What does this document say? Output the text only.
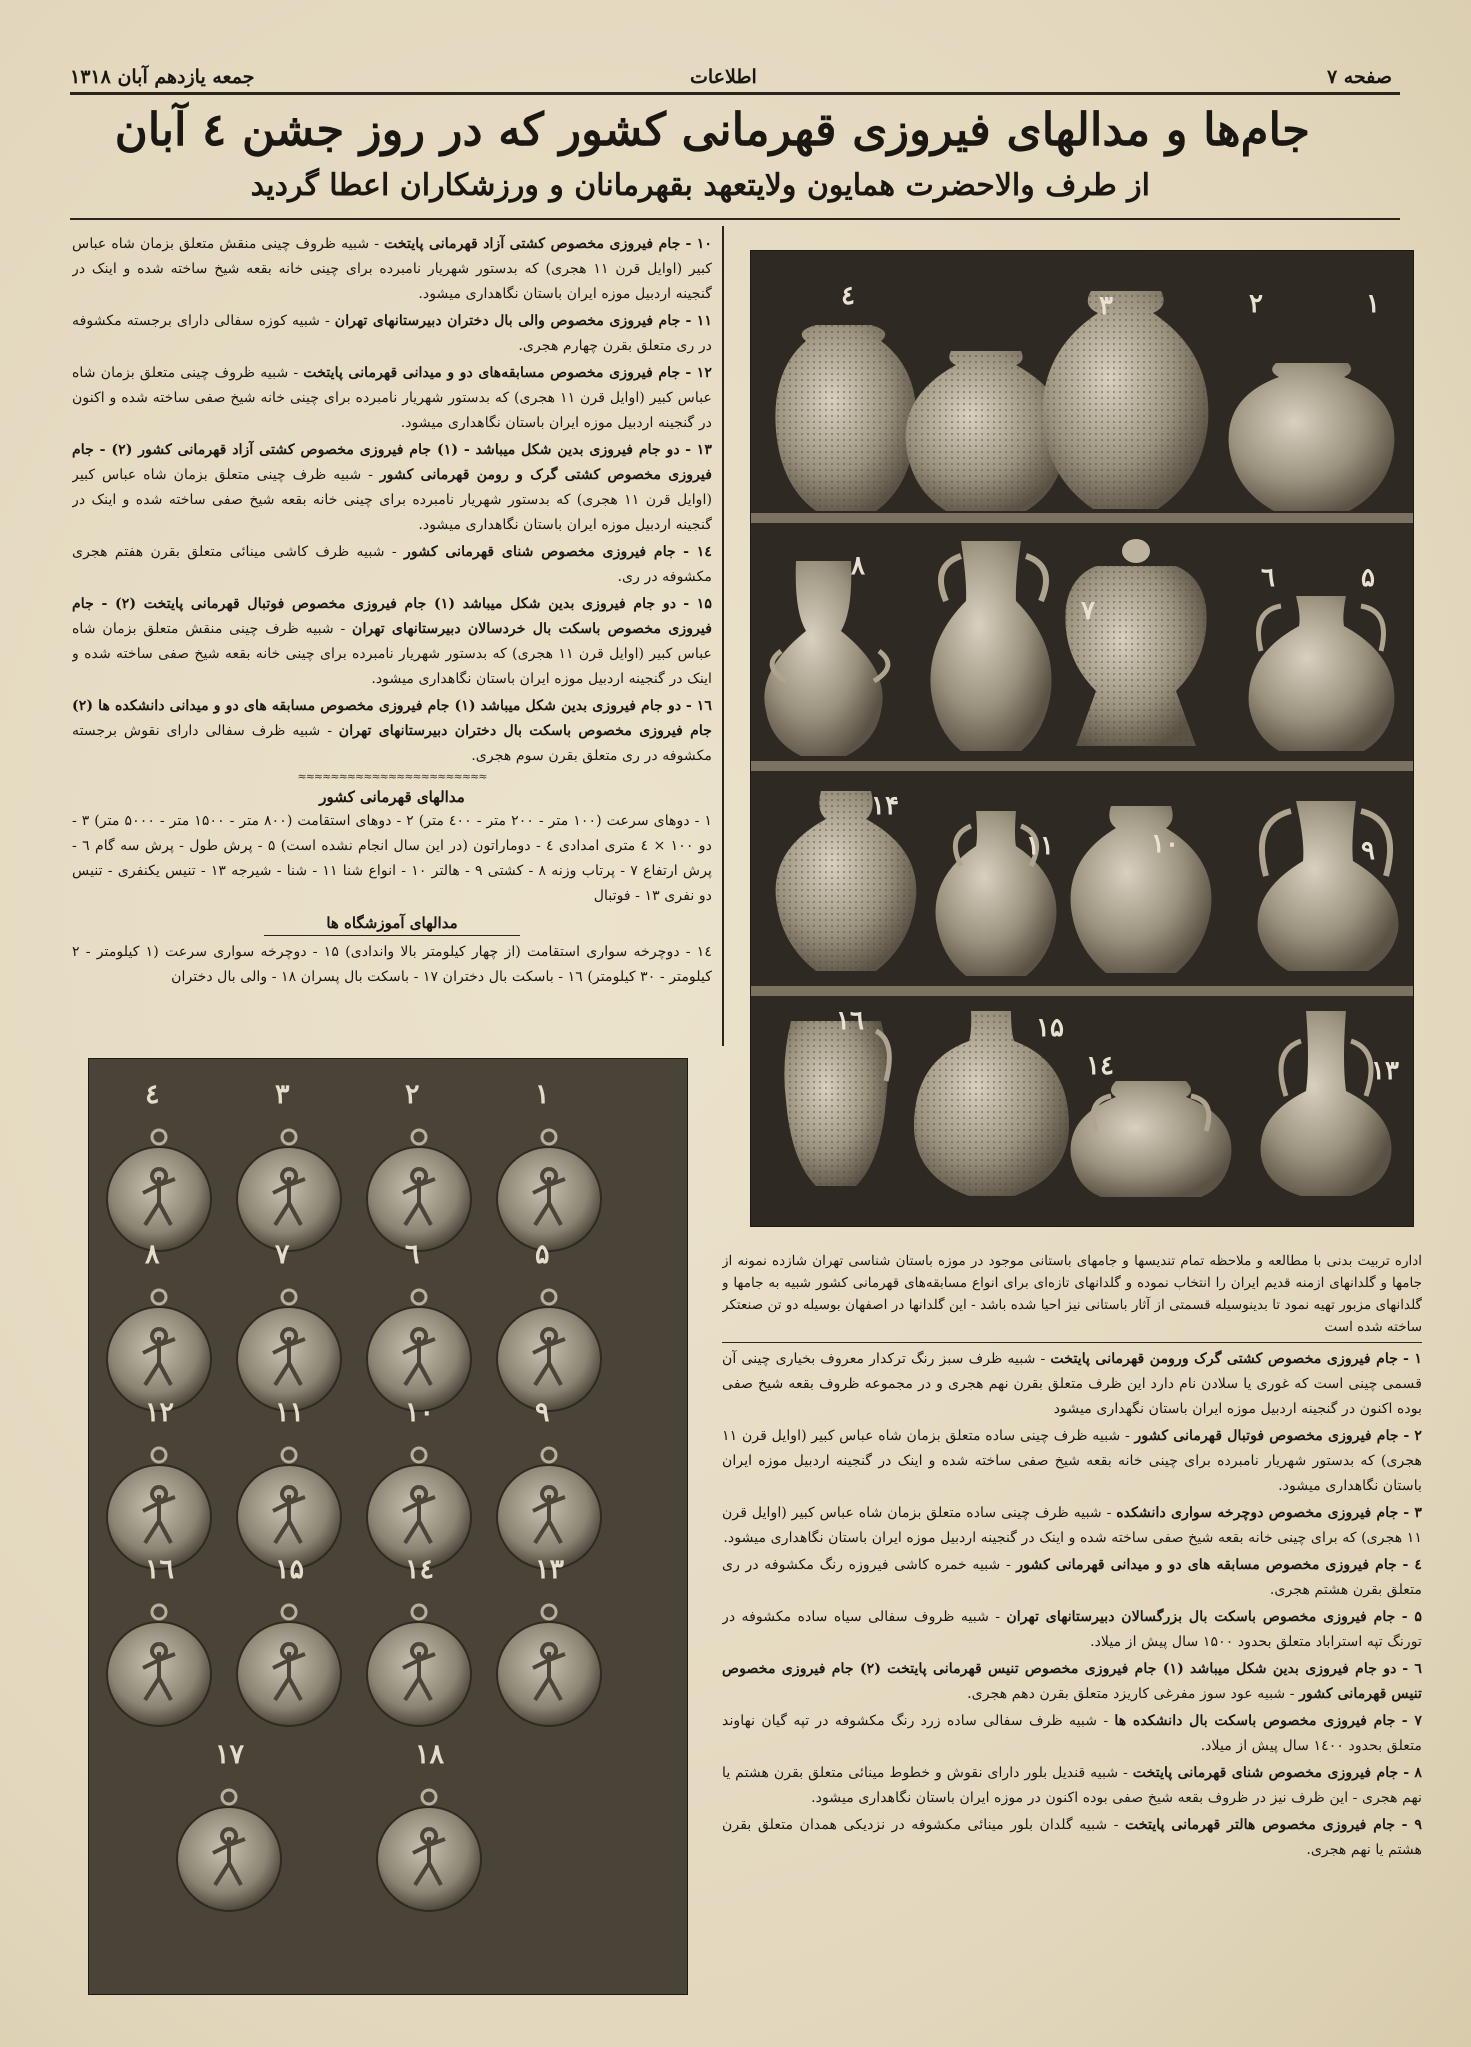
صفحه ۷
اطلاعات
جمعه یازدهم آبان ۱۳۱۸
جام‌ها و مدالهای فیروزی قهرمانی کشور که در روز جشن ٤ آبان
از طرف والاحضرت همایون ولایتعهد بقهرمانان و ورزشکاران اعطا گردید
۱۰ - جام فیروزی مخصوص کشتی آزاد قهرمانی پایتخت - شبیه ظروف چینی منقش متعلق بزمان شاه عباس کبیر (اوایل قرن ۱۱ هجری) که بدستور شهریار نامبرده برای چینی خانه بقعه شیخ ساخته شده و اینک در گنجینه اردبیل موزه ایران باستان نگاهداری میشود.
۱۱ - جام فیروزی مخصوص والی بال دختران دبیرستانهای تهران - شبیه کوزه سفالی دارای برجسته مکشوفه در ری متعلق بقرن چهارم هجری.
۱۲ - جام فیروزی مخصوص مسابقه‌های دو و میدانی قهرمانی پایتخت - شبیه ظروف چینی متعلق بزمان شاه عباس کبیر (اوایل قرن ۱۱ هجری) که بدستور شهریار نامبرده برای چینی خانه شیخ صفی ساخته شده و اکنون در گنجینه اردبیل موزه ایران باستان نگاهداری میشود.
۱۳ - دو جام فیروزی بدین شکل میباشد - (۱) جام فیروزی مخصوص کشتی آزاد قهرمانی کشور (۲) - جام فیروزی مخصوص کشتی گرک و رومن قهرمانی کشور - شبیه ظرف چینی متعلق بزمان شاه عباس کبیر (اوایل قرن ۱۱ هجری) که بدستور شهریار نامبرده برای چینی خانه بقعه شیخ صفی ساخته شده و اینک در گنجینه اردبیل موزه ایران باستان نگاهداری میشود.
۱٤ - جام فیروزی مخصوص شنای قهرمانی کشور - شبیه ظرف کاشی مینائی متعلق بقرن هفتم هجری مکشوفه در ری.
۱۵ - دو جام فیروزی بدین شکل میباشد (۱) جام فیروزی مخصوص فوتبال قهرمانی پایتخت (۲) - جام فیروزی مخصوص باسکت بال خردسالان دبیرستانهای تهران - شبیه ظرف چینی منقش متعلق بزمان شاه عباس کبیر (اوایل قرن ۱۱ هجری) که بدستور شهریار نامبرده برای چینی خانه بقعه شیخ صفی ساخته شده و اینک در گنجینه اردبیل موزه ایران باستان نگاهداری میشود.
۱٦ - دو جام فیروزی بدین شکل میباشد (۱) جام فیروزی مخصوص مسابقه های دو و میدانی دانشکده ها (۲) جام فیروزی مخصوص باسکت بال دختران دبیرستانهای تهران - شبیه ظرف سفالی دارای نقوش برجسته مکشوفه در ری متعلق بقرن سوم هجری.
≈≈≈≈≈≈≈≈≈≈≈≈≈≈≈≈≈≈≈≈≈≈≈
مدالهای قهرمانی کشور
۱ - دوهای سرعت (۱۰۰ متر - ۲۰۰ متر - ٤۰۰ متر) ۲ - دوهای استقامت (۸۰۰ متر - ۱۵۰۰ متر - ۵۰۰۰ متر) ۳ - دو ۱۰۰ × ٤ متری امدادی ٤ - دوماراتون (در این سال انجام نشده است) ۵ - پرش طول - پرش سه گام ٦ - پرش ارتفاع ۷ - پرتاب وزنه ۸ - کشتی ۹ - هالتر ۱۰ - انواع شنا ۱۱ - شنا - شیرجه ۱۳ - تنیس یکنفری - تنیس دو نفری ۱۳ - فوتبال
مدالهای آموزشگاه ها
۱٤ - دوچرخه سواری استقامت (از چهار کیلومتر بالا واندادی) ۱۵ - دوچرخه سواری سرعت (۱ کیلومتر - ۲ کیلومتر - ۳۰ کیلومتر) ۱٦ - باسکت بال دختران ۱۷ - باسکت بال پسران ۱۸ - والی بال دختران
۱
۲
۳
٤
۵
٦
۷
۸
۹
۱۰
۱۱
۱۴
۱۳
۱٤
۱۵
۱٦
اداره تربیت بدنی با مطالعه و ملاحظه تمام تندیسها و جامهای باستانی موجود در موزه باستان شناسی تهران شازده نمونه از جامها و گلدانهای ازمنه قدیم ایران را انتخاب نموده و گلدانهای تازه‌ای برای انواع مسابقه‌های قهرمانی کشور شبیه به جامها و گلدانهای مزبور تهیه نمود تا بدینوسیله قسمتی از آثار باستانی نیز احیا شده باشد - این گلدانها در اصفهان بوسیله دو تن صنعتکر ساخته شده است
۱ - جام فیروزی مخصوص کشتی گرک ورومن قهرمانی پایتخت - شبیه ظرف سبز رنگ ترکدار معروف بخیاری چینی آن قسمی چینی است که غوری یا سلادن نام دارد این ظرف متعلق بقرن نهم هجری و در مجموعه ظروف بقعه شیخ صفی بوده اکنون در گنجینه اردبیل موزه ایران باستان نگهداری میشود
۲ - جام فیروزی مخصوص فوتبال قهرمانی کشور - شبیه ظرف چینی ساده متعلق بزمان شاه عباس کبیر (اوایل قرن ۱۱ هجری) که بدستور شهریار نامبرده برای چینی خانه بقعه شیخ صفی ساخته شده و اینک در گنجینه اردبیل موزه ایران باستان نگاهداری میشود.
۳ - جام فیروزی مخصوص دوچرخه سواری دانشکده - شبیه ظرف چینی ساده متعلق بزمان شاه عباس کبیر (اوایل قرن ۱۱ هجری) که برای چینی خانه بقعه شیخ صفی ساخته شده و اینک در گنجینه اردبیل موزه ایران باستان نگاهداری میشود.
٤ - جام فیروزی مخصوص مسابقه های دو و میدانی قهرمانی کشور - شبیه خمره کاشی فیروزه رنگ مکشوفه در ری متعلق بقرن هشتم هجری.
۵ - جام فیروزی مخصوص باسکت بال بزرگسالان دبیرستانهای تهران - شبیه ظروف سفالی سیاه ساده مکشوفه در تورنگ تپه استراباد متعلق بحدود ۱۵۰۰ سال پیش از میلاد.
٦ - دو جام فیروزی بدین شکل میباشد (۱) جام فیروزی مخصوص تنیس قهرمانی پایتخت (۲) جام فیروزی مخصوص تنیس قهرمانی کشور - شبیه عود سوز مفرغی کاریزد متعلق بقرن دهم هجری.
۷ - جام فیروزی مخصوص باسکت بال دانشکده ها - شبیه ظرف سفالی ساده زرد رنگ مکشوفه در تپه گیان نهاوند متعلق بحدود ۱٤۰۰ سال پیش از میلاد.
۸ - جام فیروزی مخصوص شنای قهرمانی پایتخت - شبیه قندیل بلور دارای نقوش و خطوط مینائی متعلق بقرن هشتم یا نهم هجری - این ظرف نیز در ظروف بقعه شیخ صفی بوده اکنون در موزه ایران باستان نگاهداری میشود.
۹ - جام فیروزی مخصوص هالتر قهرمانی پایتخت - شبیه گلدان بلور مینائی مکشوفه در نزدیکی همدان متعلق بقرن هشتم یا نهم هجری.
۱
۲
۳
٤
۵
٦
۷
۸
۹
۱۰
۱۱
۱۲
۱۳
۱٤
۱۵
۱٦
۱۷	۱۸
